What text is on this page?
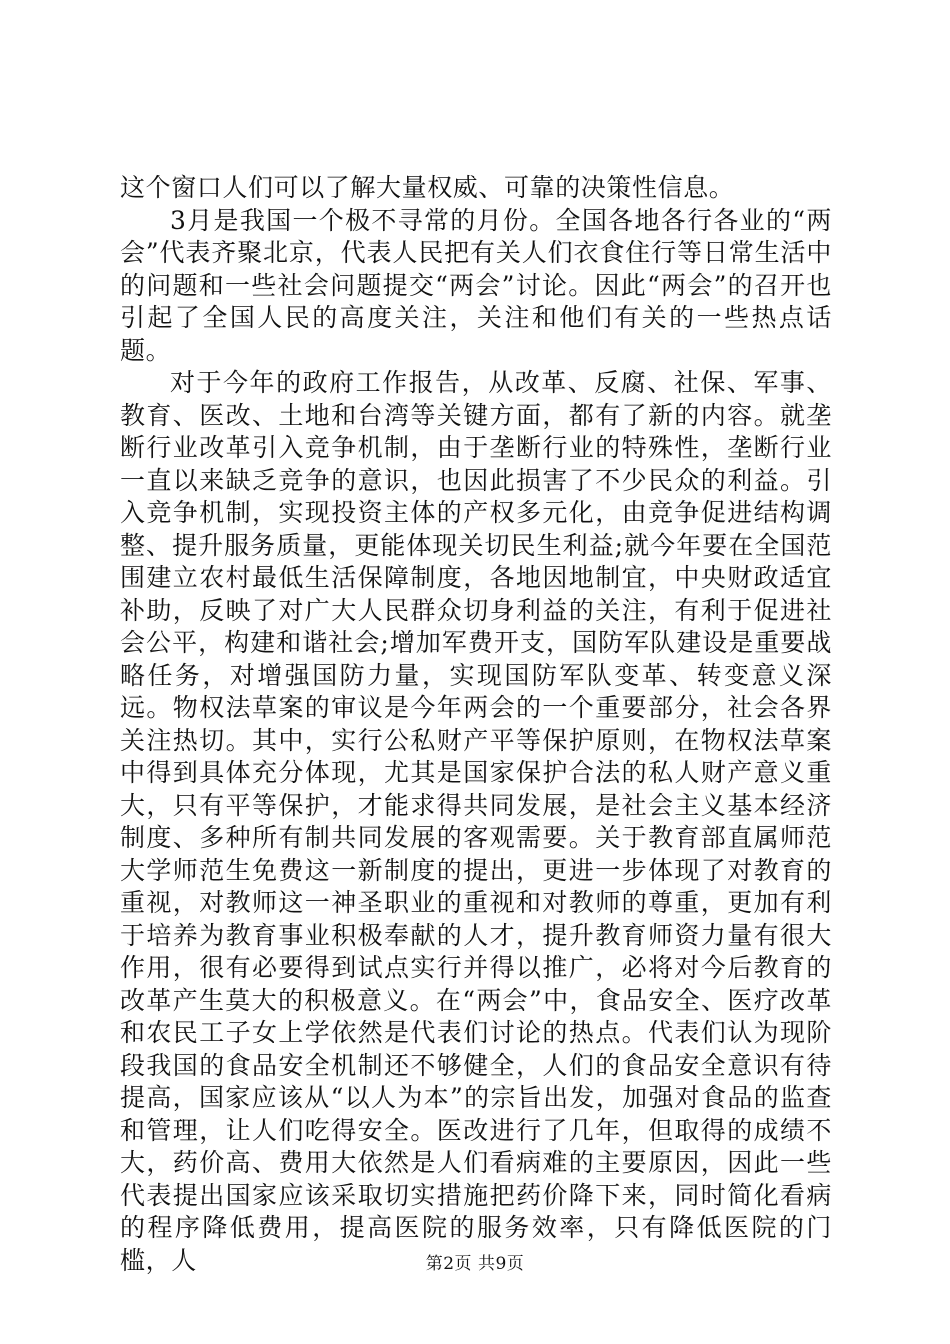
这个窗口人们可以了解大量权威、可靠的决策性信息。

3月是我国一个极不寻常的月份。全国各地各行各业的“两会”代表齐聚北京，代表人民把有关人们衣食住行等日常生活中的问题和一些社会问题提交“两会”讨论。因此“两会”的召开也引起了全国人民的高度关注，关注和他们有关的一些热点话题。

对于今年的政府工作报告，从改革、反腐、社保、军事、教育、医改、土地和台湾等关键方面，都有了新的内容。就垄断行业改革引入竞争机制，由于垄断行业的特殊性，垄断行业一直以来缺乏竞争的意识，也因此损害了不少民众的利益。引入竞争机制，实现投资主体的产权多元化，由竞争促进结构调整、提升服务质量，更能体现关切民生利益;就今年要在全国范围建立农村最低生活保障制度，各地因地制宜，中央财政适宜补助，反映了对广大人民群众切身利益的关注，有利于促进社会公平，构建和谐社会;增加军费开支，国防军队建设是重要战略任务，对增强国防力量，实现国防军队变革、转变意义深远。物权法草案的审议是今年两会的一个重要部分，社会各界关注热切。其中，实行公私财产平等保护原则，在物权法草案中得到具体充分体现，尤其是国家保护合法的私人财产意义重大，只有平等保护，才能求得共同发展，是社会主义基本经济制度、多种所有制共同发展的客观需要。关于教育部直属师范大学师范生免费这一新制度的提出，更进一步体现了对教育的重视，对教师这一神圣职业的重视和对教师的尊重，更加有利于培养为教育事业积极奉献的人才，提升教育师资力量有很大作用，很有必要得到试点实行并得以推广，必将对今后教育的改革产生莫大的积极意义。在“两会”中，食品安全、医疗改革和农民工子女上学依然是代表们讨论的热点。代表们认为现阶段我国的食品安全机制还不够健全，人们的食品安全意识有待提高，国家应该从“以人为本”的宗旨出发，加强对食品的监查和管理，让人们吃得安全。医改进行了几年，但取得的成绩不大，药价高、费用大依然是人们看病难的主要原因，因此一些代表提出国家应该采取切实措施把药价降下来，同时简化看病的程序降低费用，提高医院的服务效率，只有降低医院的门槛，人	第2页 共9页
